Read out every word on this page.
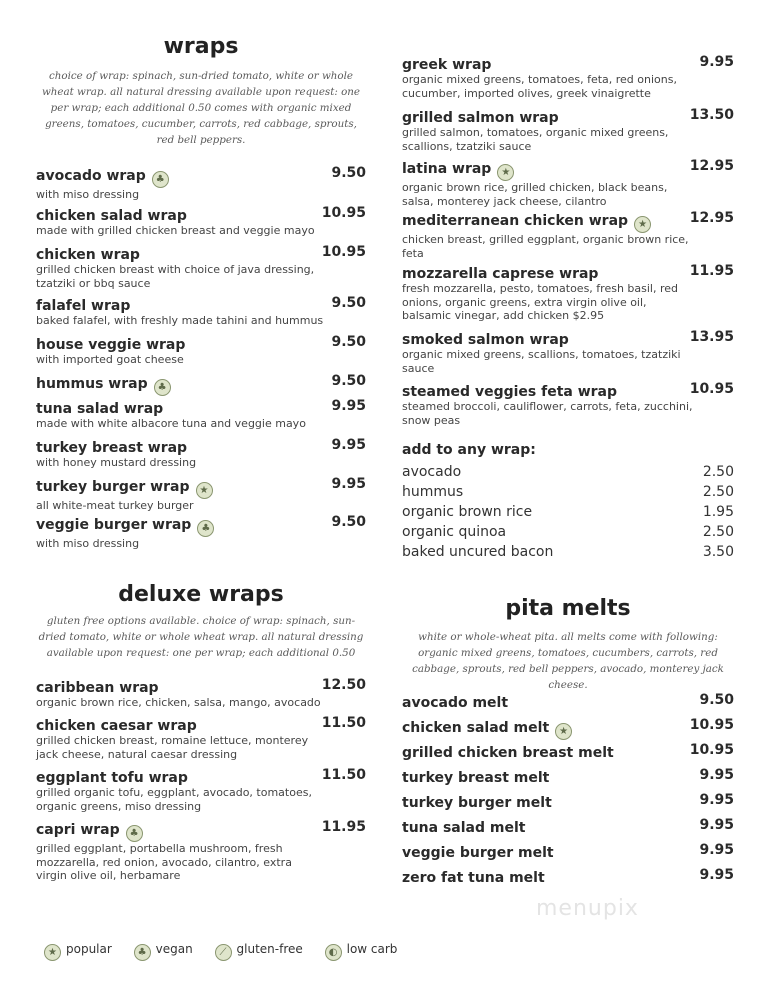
wraps
choice of wrap: spinach, sun-dried tomato, white or whole wheat wrap. all natural dressing available upon request: one per wrap; each additional 0.50 comes with organic mixed greens, tomatoes, cucumber, carrots, red cabbage, sprouts, red bell peppers.
avocado wrap ♣	9.50
with miso dressing
chicken salad wrap	10.95
made with grilled chicken breast and veggie mayo
chicken wrap	10.95
grilled chicken breast with choice of java dressing, tzatziki or bbq sauce
falafel wrap	9.50
baked falafel, with freshly made tahini and hummus
house veggie wrap	9.50
with imported goat cheese
hummus wrap ♣	9.50
tuna salad wrap	9.95
made with white albacore tuna and veggie mayo
turkey breast wrap	9.95
with honey mustard dressing
turkey burger wrap ★	9.95
all white-meat turkey burger
veggie burger wrap ♣	9.50
with miso dressing
deluxe wraps
gluten free options available. choice of wrap: spinach, sun-dried tomato, white or whole wheat wrap. all natural dressing available upon request: one per wrap; each additional 0.50
caribbean wrap	12.50
organic brown rice, chicken, salsa, mango, avocado
chicken caesar wrap	11.50
grilled chicken breast, romaine lettuce, monterey jack cheese, natural caesar dressing
eggplant tofu wrap	11.50
grilled organic tofu, eggplant, avocado, tomatoes, organic greens, miso dressing
capri wrap ♣	11.95
grilled eggplant, portabella mushroom, fresh mozzarella, red onion, avocado, cilantro, extra virgin olive oil, herbamare
greek wrap	9.95
organic mixed greens, tomatoes, feta, red onions, cucumber, imported olives, greek vinaigrette
grilled salmon wrap	13.50
grilled salmon, tomatoes, organic mixed greens, scallions, tzatziki sauce
latina wrap ★	12.95
organic brown rice, grilled chicken, black beans, salsa, monterey jack cheese, cilantro
mediterranean chicken wrap ★	12.95
chicken breast, grilled eggplant, organic brown rice, feta
mozzarella caprese wrap	11.95
fresh mozzarella, pesto, tomatoes, fresh basil, red onions, organic greens, extra virgin olive oil, balsamic vinegar, add chicken $2.95
smoked salmon wrap	13.95
organic mixed greens, scallions, tomatoes, tzatziki sauce
steamed veggies feta wrap	10.95
steamed broccoli, cauliflower, carrots, feta, zucchini, snow peas
add to any wrap:
avocado	2.50
hummus	2.50
organic brown rice	1.95
organic quinoa	2.50
baked uncured bacon	3.50
pita melts
white or whole-wheat pita. all melts come with following: organic mixed greens, tomatoes, cucumbers, carrots, red cabbage, sprouts, red bell peppers, avocado, monterey jack cheese.
avocado melt	9.50
chicken salad melt ★	10.95
grilled chicken breast melt	10.95
turkey breast melt	9.95
turkey burger melt	9.95
tuna salad melt	9.95
veggie burger melt	9.95
zero fat tuna melt	9.95
menupix
★ popular	♣ vegan	⟋ gluten-free	◐ low carb
